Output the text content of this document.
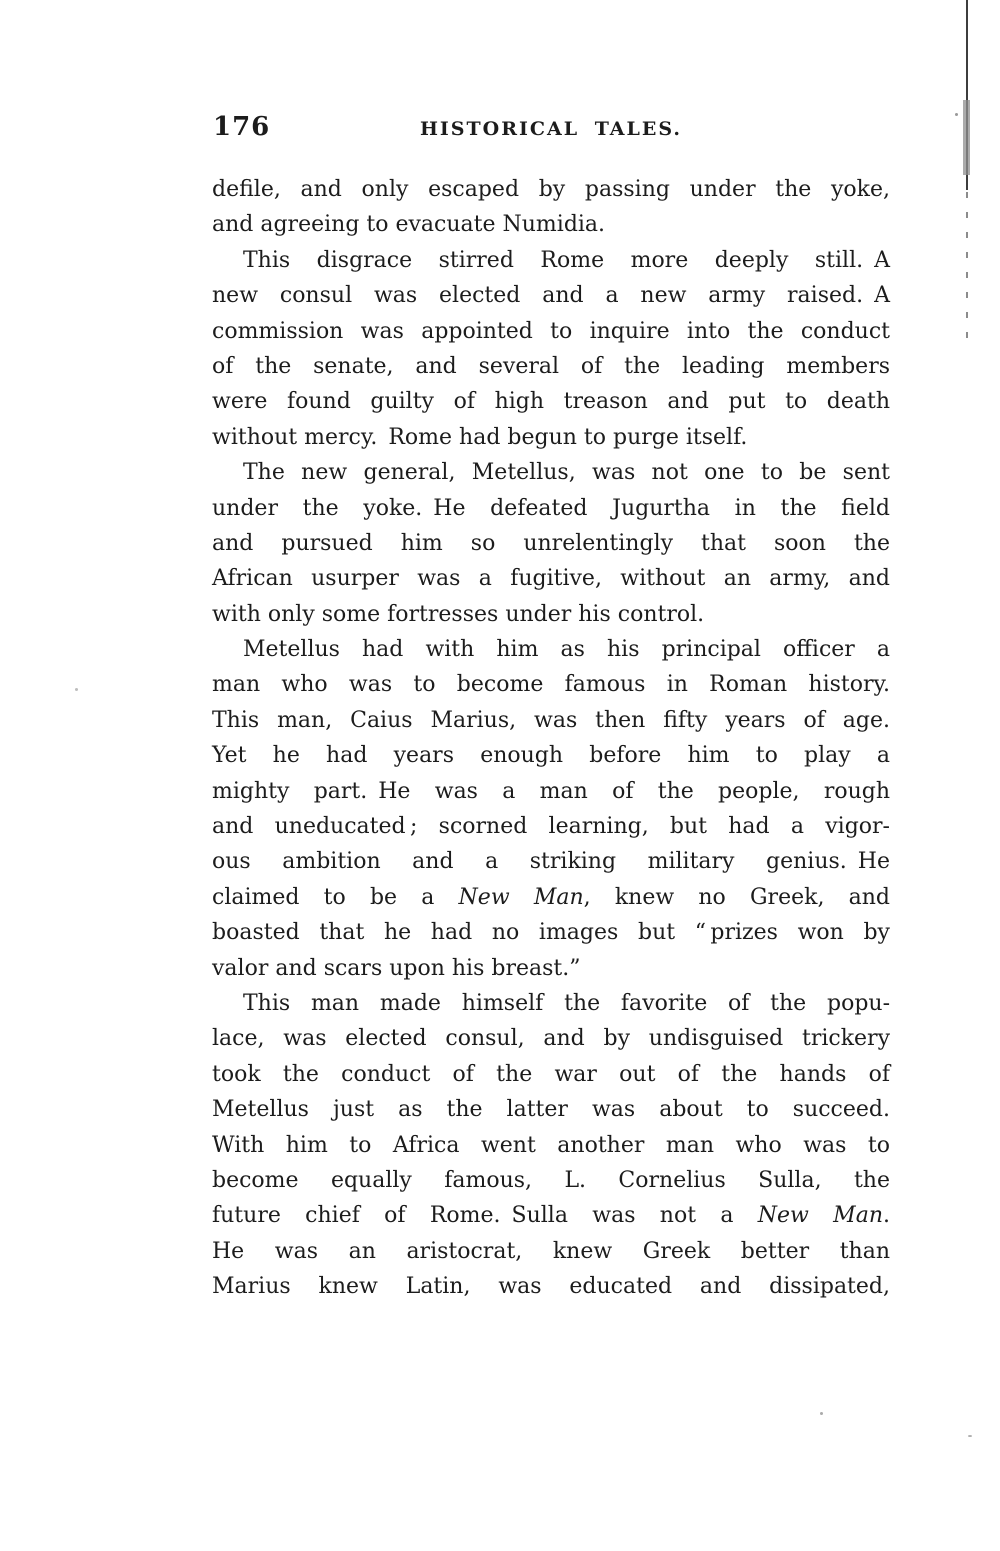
176	HISTORICAL TALES.
defile, and only escaped by passing under the yoke,
and agreeing to evacuate Numidia.
This disgrace stirred Rome more deeply still. A
new consul was elected and a new army raised. A
commission was appointed to inquire into the conduct
of the senate, and several of the leading members
were found guilty of high treason and put to death
without mercy. Rome had begun to purge itself.
The new general, Metellus, was not one to be sent
under the yoke. He defeated Jugurtha in the field
and pursued him so unrelentingly that soon the
African usurper was a fugitive, without an army, and
with only some fortresses under his control.
Metellus had with him as his principal officer a
man who was to become famous in Roman history.
This man, Caius Marius, was then fifty years of age.
Yet he had years enough before him to play a
mighty part. He was a man of the people, rough
and uneducated ; scorned learning, but had a vigor-
ous ambition and a striking military genius. He
claimed to be a New Man, knew no Greek, and
boasted that he had no images but “ prizes won by
valor and scars upon his breast.”
This man made himself the favorite of the popu-
lace, was elected consul, and by undisguised trickery
took the conduct of the war out of the hands of
Metellus just as the latter was about to succeed.
With him to Africa went another man who was to
become equally famous, L. Cornelius Sulla, the
future chief of Rome. Sulla was not a New Man.
He was an aristocrat, knew Greek better than
Marius knew Latin, was educated and dissipated,
